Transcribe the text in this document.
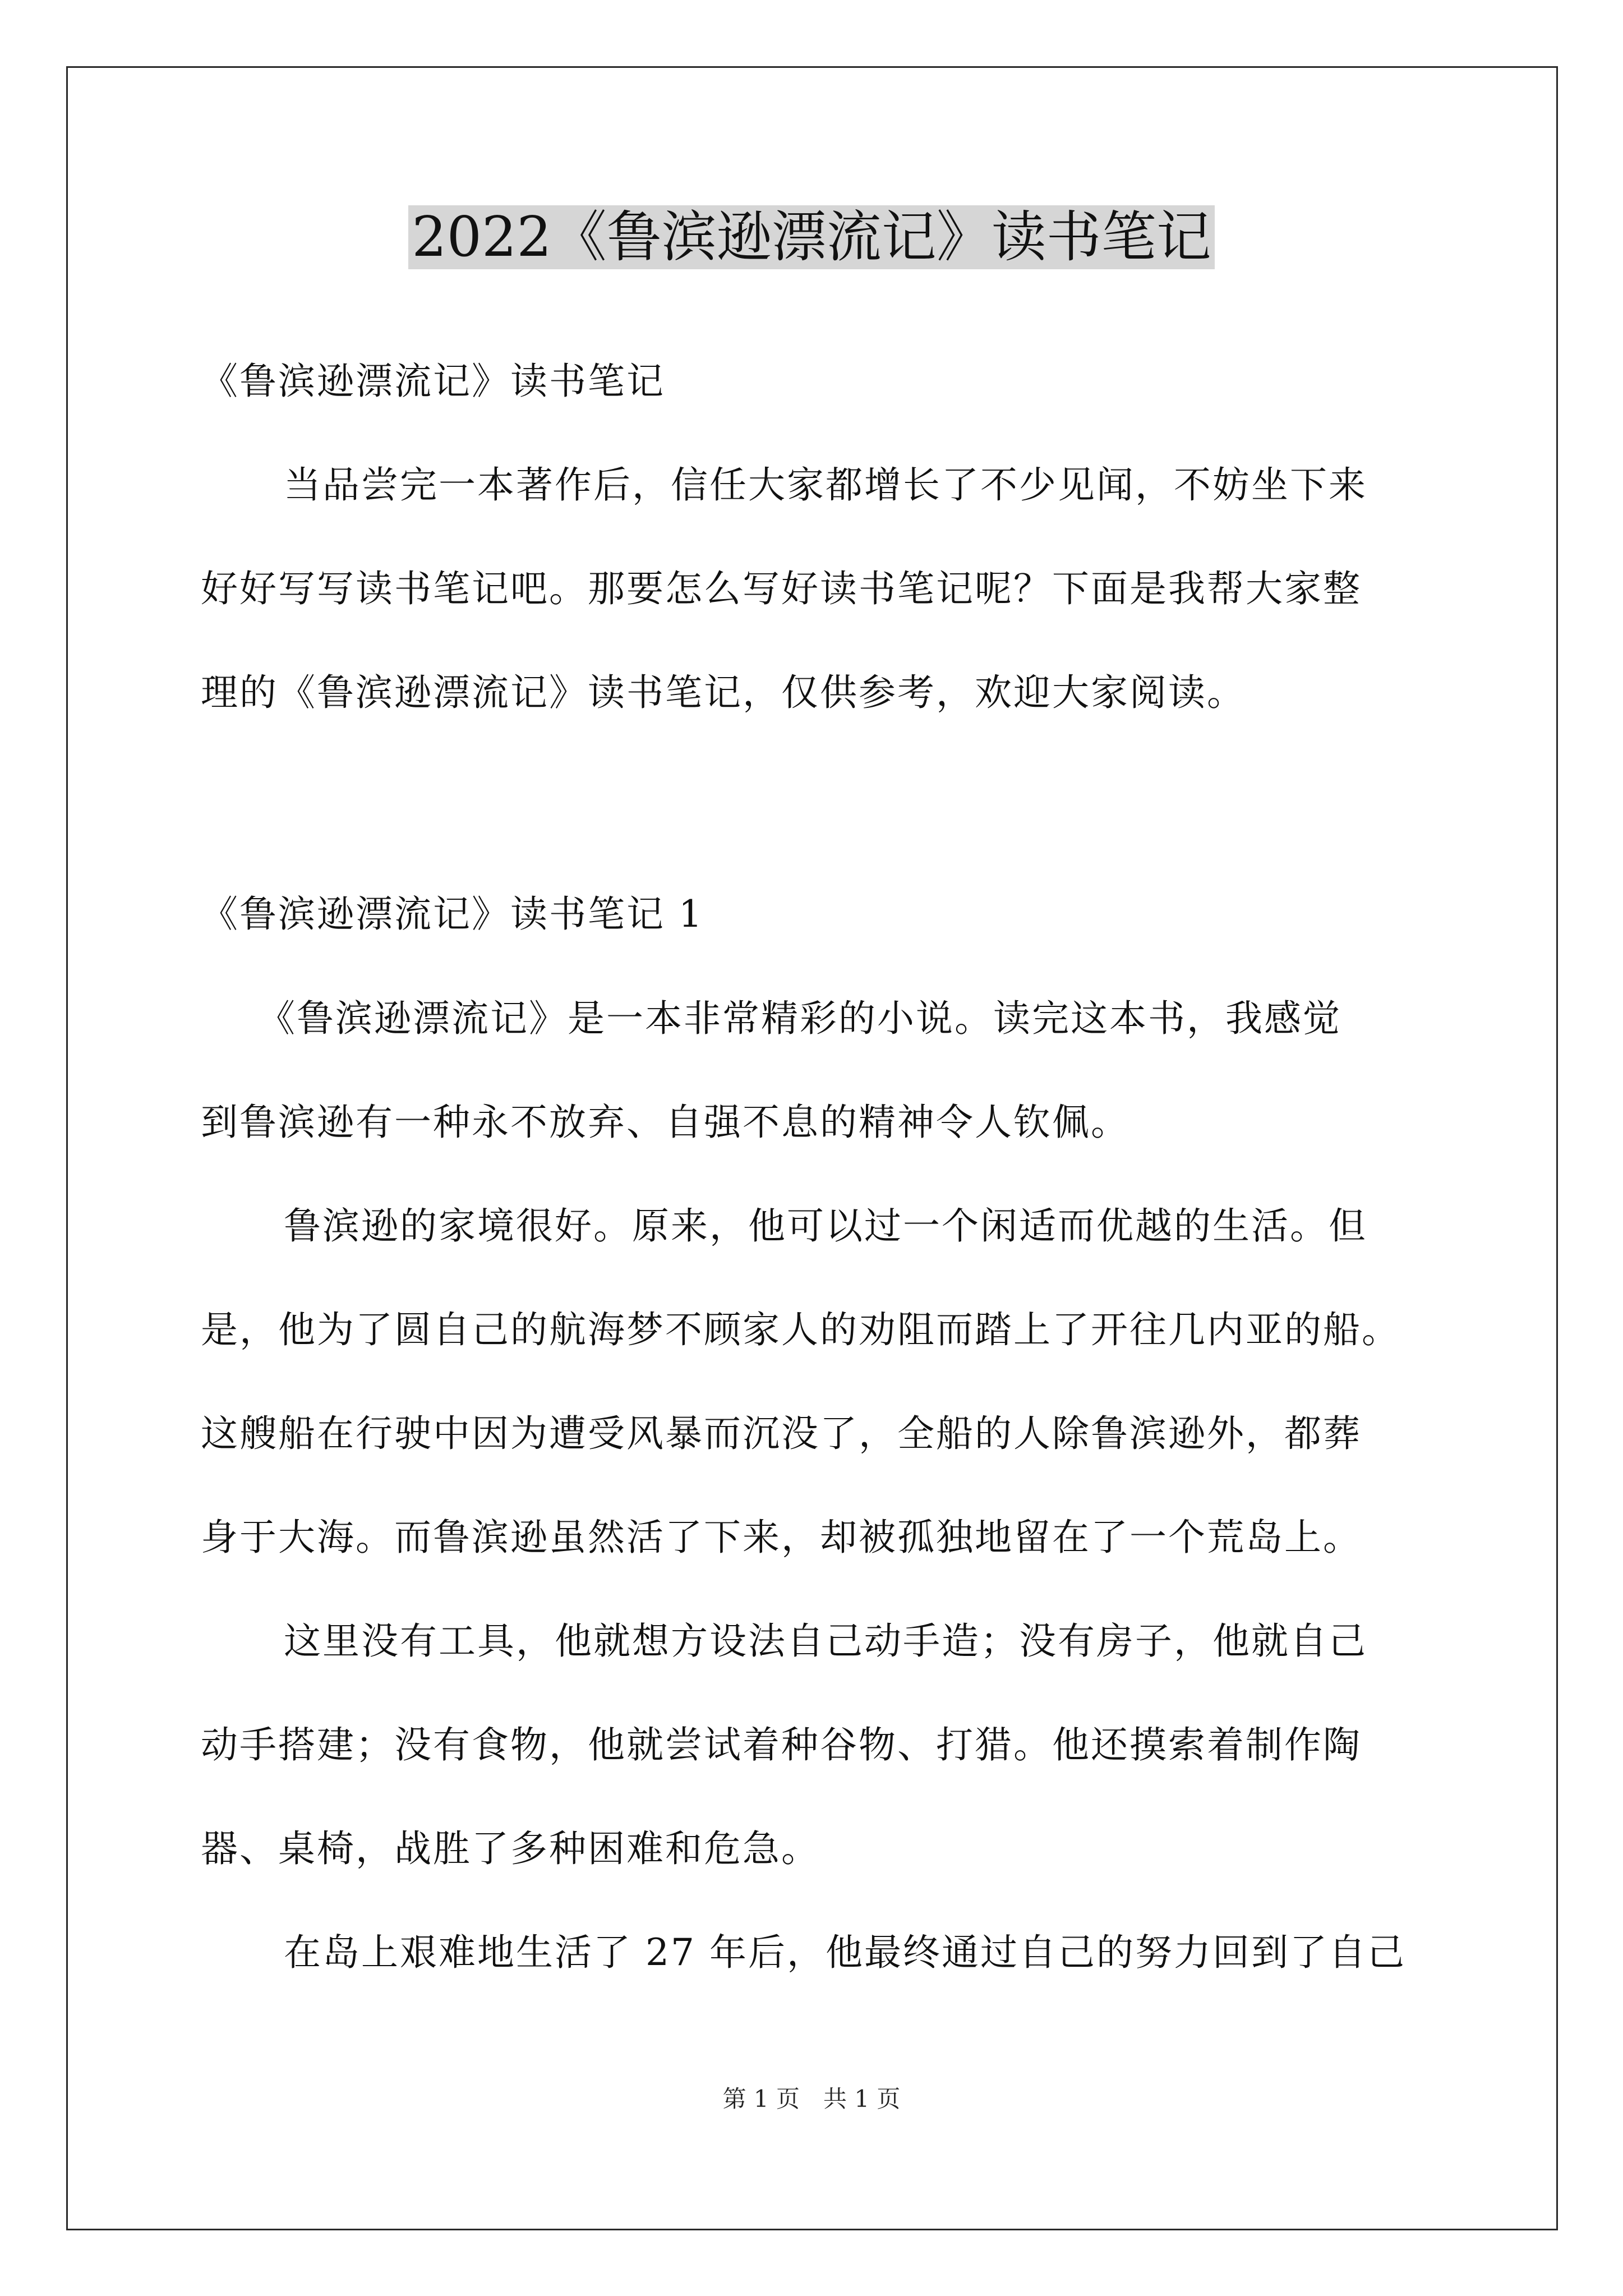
2022《鲁滨逊漂流记》读书笔记
《鲁滨逊漂流记》读书笔记
当品尝完一本著作后，信任大家都增长了不少见闻，不妨坐下来
好好写写读书笔记吧。那要怎么写好读书笔记呢？下面是我帮大家整
理的《鲁滨逊漂流记》读书笔记，仅供参考，欢迎大家阅读。
《鲁滨逊漂流记》读书笔记 1
《鲁滨逊漂流记》是一本非常精彩的小说。读完这本书，我感觉
到鲁滨逊有一种永不放弃、自强不息的精神令人钦佩。
鲁滨逊的家境很好。原来，他可以过一个闲适而优越的生活。但
是，他为了圆自己的航海梦不顾家人的劝阻而踏上了开往几内亚的船。
这艘船在行驶中因为遭受风暴而沉没了，全船的人除鲁滨逊外，都葬
身于大海。而鲁滨逊虽然活了下来，却被孤独地留在了一个荒岛上。
这里没有工具，他就想方设法自己动手造；没有房子，他就自己
动手搭建；没有食物，他就尝试着种谷物、打猎。他还摸索着制作陶
器、桌椅，战胜了多种困难和危急。
在岛上艰难地生活了 27 年后，他最终通过自己的努力回到了自己
第 1 页　共 1 页
